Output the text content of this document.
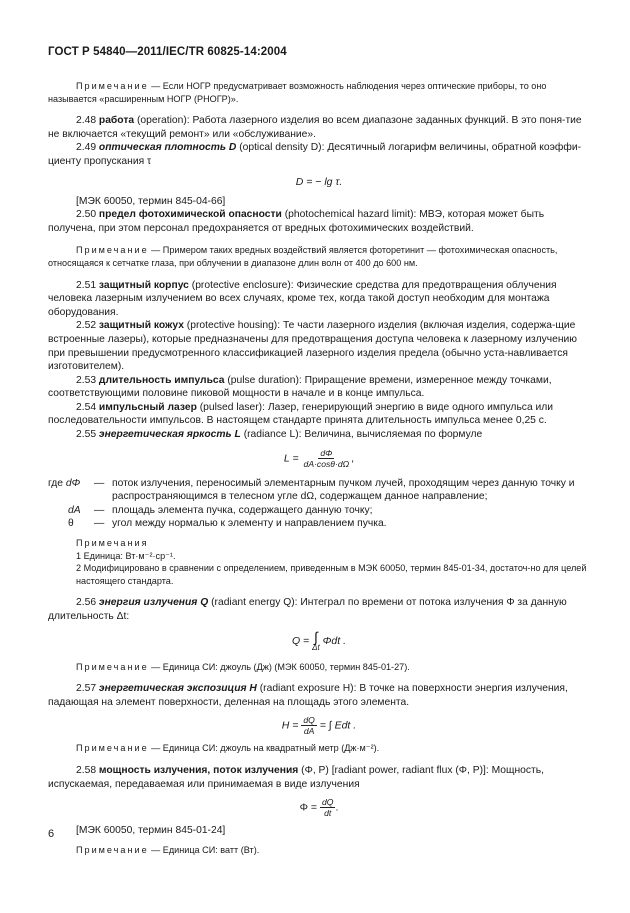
ГОСТ Р 54840—2011/IEC/TR 60825-14:2004

Примечание — Если НОГР предусматривает возможность наблюдения через оптические приборы, то оно называется «расширенным НОГР (РНОГР)».

2.48 работа (operation): Работа лазерного изделия во всем диапазоне заданных функций. В это поня-тие не включается «текущий ремонт» или «обслуживание».

2.49 оптическая плотность D (optical density D): Десятичный логарифм величины, обратной коэффи-циенту пропускания τ

D = − lg τ.

[МЭК 60050, термин 845-04-66]

2.50 предел фотохимической опасности (photochemical hazard limit): МВЭ, которая может быть получена, при этом персонал предохраняется от вредных фотохимических воздействий.

Примечание — Примером таких вредных воздействий является фоторетинит — фотохимическая опасность, относящаяся к сетчатке глаза, при облучении в диапазоне длин волн от 400 до 600 нм.

2.51 защитный корпус (protective enclosure): Физические средства для предотвращения облучения человека лазерным излучением во всех случаях, кроме тех, когда такой доступ необходим для монтажа оборудования.

2.52 защитный кожух (protective housing): Те части лазерного изделия (включая изделия, содержа-щие встроенные лазеры), которые предназначены для предотвращения доступа человека к лазерному излучению при превышении предусмотренного классификацией лазерного изделия предела (обычно уста-навливается изготовителем).

2.53 длительность импульса (pulse duration): Приращение времени, измеренное между точками, соответствующими половине пиковой мощности в начале и в конце импульса.

2.54 импульсный лазер (pulsed laser): Лазер, генерирующий энергию в виде одного импульса или последовательности импульсов. В настоящем стандарте принята длительность импульса менее 0,25 с.

2.55 энергетическая яркость L (radiance L): Величина, вычисляемая по формуле

$L = \frac{d\Phi}{dA\cdot\cos\theta\cdot d\Omega}$ ,

где dΦ	— поток излучения, переносимый элементарным пучком лучей, проходящим через данную точку и распространяющимся в телесном угле dΩ, содержащем данное направление;
dA	— площадь элемента пучка, содержащего данную точку;
θ	— угол между нормалью к элементу и направлением пучка.

Примечания

1 Единица: Вт·м⁻²·ср⁻¹.

2 Модифицировано в сравнении с определением, приведенным в МЭК 60050, термин 845-01-34, достаточ-но для целей настоящего стандарта.

2.56 энергия излучения Q (radiant energy Q): Интеграл по времени от потока излучения Φ за данную длительность Δt:

Q = ∫
Δt
Φdt .

Примечание — Единица СИ: джоуль (Дж) (МЭК 60050, термин 845-01-27).

2.57 энергетическая экспозиция H (radiant exposure H): В точке на поверхности энергия излучения, падающая на элемент поверхности, деленная на площадь этого элемента.

$H = \frac{dQ}{dA}$ = ∫ Edt .

Примечание — Единица СИ: джоуль на квадратный метр (Дж·м⁻²).

2.58 мощность излучения, поток излучения (Φ, P) [radiant power, radiant flux (Φ, P)]: Мощность, испускаемая, передаваемая или принимаемая в виде излучения

$\Phi = \frac{dQ}{dt}$ .

[МЭК 60050, термин 845-01-24]

Примечание — Единица СИ: ватт (Вт).

6
